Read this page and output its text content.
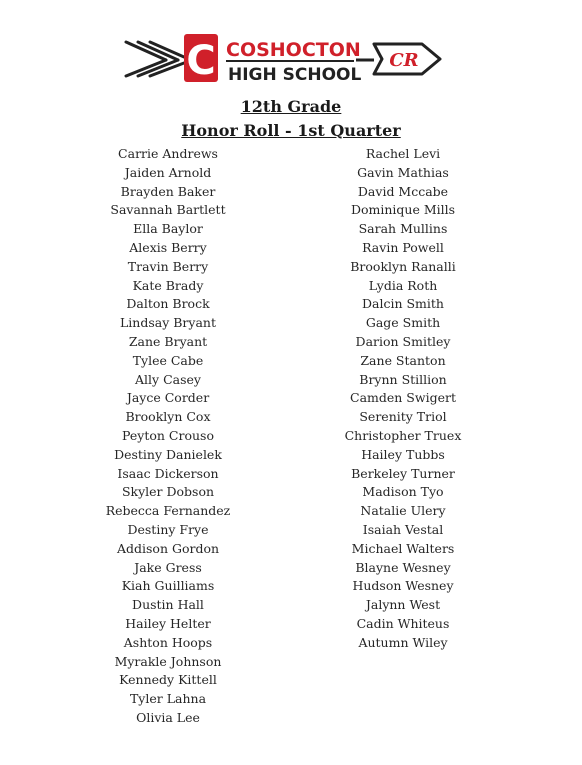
C COSHOCTON
HIGH SCHOOL
CR
12th Grade
Honor Roll - 1st Quarter
Carrie Andrews
Jaiden Arnold
Brayden Baker
Savannah Bartlett
Ella Baylor
Alexis Berry
Travin Berry
Kate Brady
Dalton Brock
Lindsay Bryant
Zane Bryant
Tylee Cabe
Ally Casey
Jayce Corder
Brooklyn Cox
Peyton Crouso
Destiny Danielek
Isaac Dickerson
Skyler Dobson
Rebecca Fernandez
Destiny Frye
Addison Gordon
Jake Gress
Kiah Guilliams
Dustin Hall
Hailey Helter
Ashton Hoops
Myrakle Johnson
Kennedy Kittell
Tyler Lahna
Olivia Lee
Rachel Levi
Gavin Mathias
David Mccabe
Dominique Mills
Sarah Mullins
Ravin Powell
Brooklyn Ranalli
Lydia Roth
Dalcin Smith
Gage Smith
Darion Smitley
Zane Stanton
Brynn Stillion
Camden Swigert
Serenity Triol
Christopher Truex
Hailey Tubbs
Berkeley Turner
Madison Tyo
Natalie Ulery
Isaiah Vestal
Michael Walters
Blayne Wesney
Hudson Wesney
Jalynn West
Cadin Whiteus
Autumn Wiley
